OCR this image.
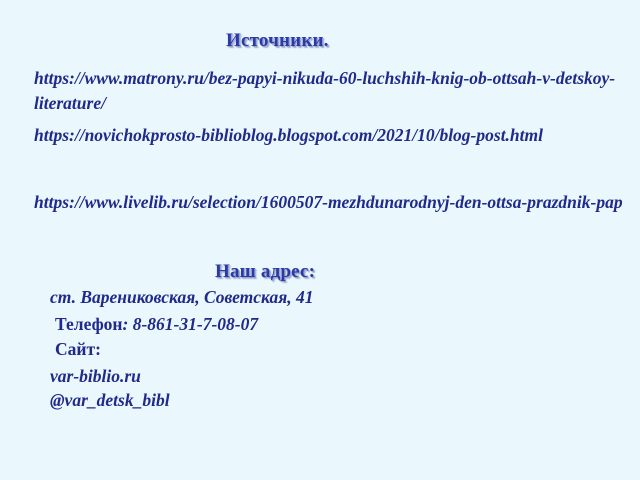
Источники.
https://www.matrony.ru/bez-papyi-nikuda-60-luchshih-knig-ob-ottsah-v-detskoy-literature/
https://novichokprosto-biblioblog.blogspot.com/2021/10/blog-post.html
https://www.livelib.ru/selection/1600507-mezhdunarodnyj-den-ottsa-prazdnik-pap
Наш адрес:
ст. Варениковская, Советская, 41
Телефон: 8-861-31-7-08-07
Сайт:
var-biblio.ru
@var_detsk_bibl
